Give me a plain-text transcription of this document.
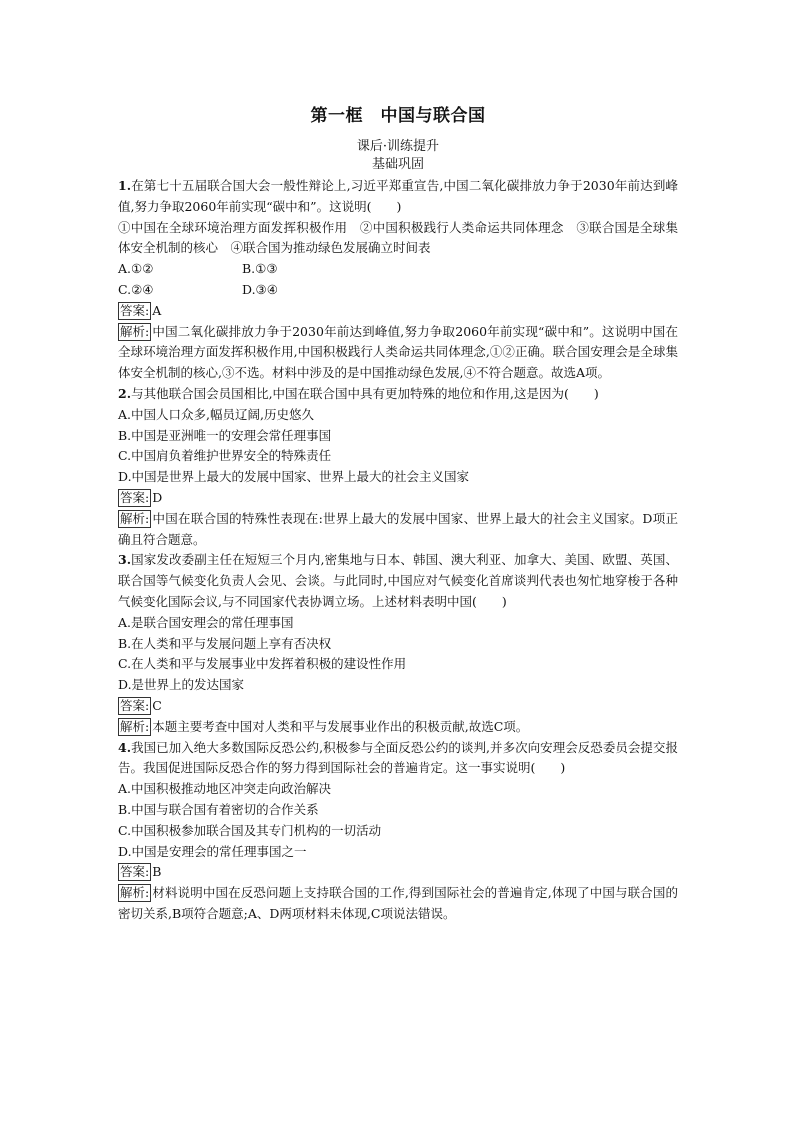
第一框　中国与联合国
课后·训练提升
基础巩固
1.在第七十五届联合国大会一般性辩论上,习近平郑重宣告,中国二氧化碳排放力争于2030年前达到峰值,努力争取2060年前实现“碳中和”。这说明(　　)
①中国在全球环境治理方面发挥积极作用　②中国积极践行人类命运共同体理念　③联合国是全球集体安全机制的核心　④联合国为推动绿色发展确立时间表
A.①②	B.①③
C.②④	D.③④
答案: A
解析: 中国二氧化碳排放力争于2030年前达到峰值,努力争取2060年前实现“碳中和”。这说明中国在全球环境治理方面发挥积极作用,中国积极践行人类命运共同体理念,①②正确。联合国安理会是全球集体安全机制的核心,③不选。材料中涉及的是中国推动绿色发展,④不符合题意。故选A项。
2.与其他联合国会员国相比,中国在联合国中具有更加特殊的地位和作用,这是因为(　　)
A.中国人口众多,幅员辽阔,历史悠久
B.中国是亚洲唯一的安理会常任理事国
C.中国肩负着维护世界安全的特殊责任
D.中国是世界上最大的发展中国家、世界上最大的社会主义国家
答案: D
解析: 中国在联合国的特殊性表现在:世界上最大的发展中国家、世界上最大的社会主义国家。D项正确且符合题意。
3.国家发改委副主任在短短三个月内,密集地与日本、韩国、澳大利亚、加拿大、美国、欧盟、英国、联合国等气候变化负责人会见、会谈。与此同时,中国应对气候变化首席谈判代表也匆忙地穿梭于各种气候变化国际会议,与不同国家代表协调立场。上述材料表明中国(　　)
A.是联合国安理会的常任理事国
B.在人类和平与发展问题上享有否决权
C.在人类和平与发展事业中发挥着积极的建设性作用
D.是世界上的发达国家
答案: C
解析: 本题主要考查中国对人类和平与发展事业作出的积极贡献,故选C项。
4.我国已加入绝大多数国际反恐公约,积极参与全面反恐公约的谈判,并多次向安理会反恐委员会提交报告。我国促进国际反恐合作的努力得到国际社会的普遍肯定。这一事实说明(　　)
A.中国积极推动地区冲突走向政治解决
B.中国与联合国有着密切的合作关系
C.中国积极参加联合国及其专门机构的一切活动
D.中国是安理会的常任理事国之一
答案: B
解析: 材料说明中国在反恐问题上支持联合国的工作,得到国际社会的普遍肯定,体现了中国与联合国的密切关系,B项符合题意;A、D两项材料未体现,C项说法错误。
